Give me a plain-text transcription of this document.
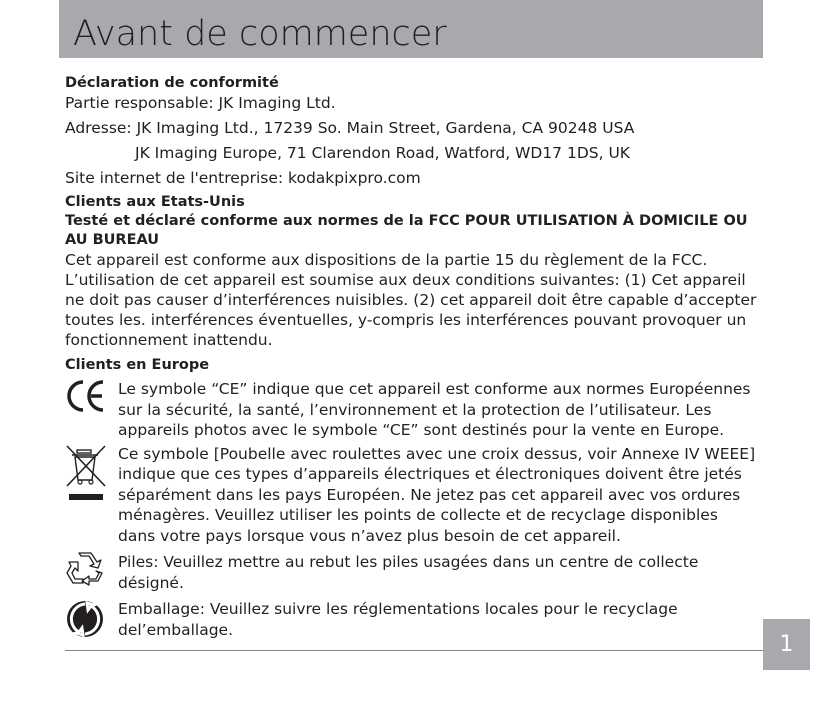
Avant de commencer

Déclaration de conformité

Partie responsable: JK Imaging Ltd.

Adresse: JK Imaging Ltd., 17239 So. Main Street, Gardena, CA 90248 USA

JK Imaging Europe, 71 Clarendon Road, Watford, WD17 1DS, UK

Site internet de l'entreprise: kodakpixpro.com

Clients aux Etats-Unis

Testé et déclaré conforme aux normes de la FCC POUR UTILISATION À DOMICILE OU AU BUREAU

Cet appareil est conforme aux dispositions de la partie 15 du règlement de la FCC. L’utilisation de cet appareil est soumise aux deux conditions suivantes: (1) Cet appareil ne doit pas causer d’interférences nuisibles. (2) cet appareil doit être capable d’accepter toutes les. interférences éventuelles, y-compris les interférences pouvant provoquer un fonctionnement inattendu.

Clients en Europe

Le symbole “CE” indique que cet appareil est conforme aux normes Européennes sur la sécurité, la santé, l’environnement et la protection de l’utilisateur. Les appareils photos avec le symbole “CE” sont destinés pour la vente en Europe.

Ce symbole [Poubelle avec roulettes avec une croix dessus, voir Annexe IV WEEE] indique que ces types d’appareils électriques et électroniques doivent être jetés séparément dans les pays Européen. Ne jetez pas cet appareil avec vos ordures ménagères. Veuillez utiliser les points de collecte et de recyclage disponibles dans votre pays lorsque vous n’avez plus besoin de cet appareil.

Piles: Veuillez mettre au rebut les piles usagées dans un centre de collecte désigné.

Emballage: Veuillez suivre les réglementations locales pour le recyclage del’emballage.

1
